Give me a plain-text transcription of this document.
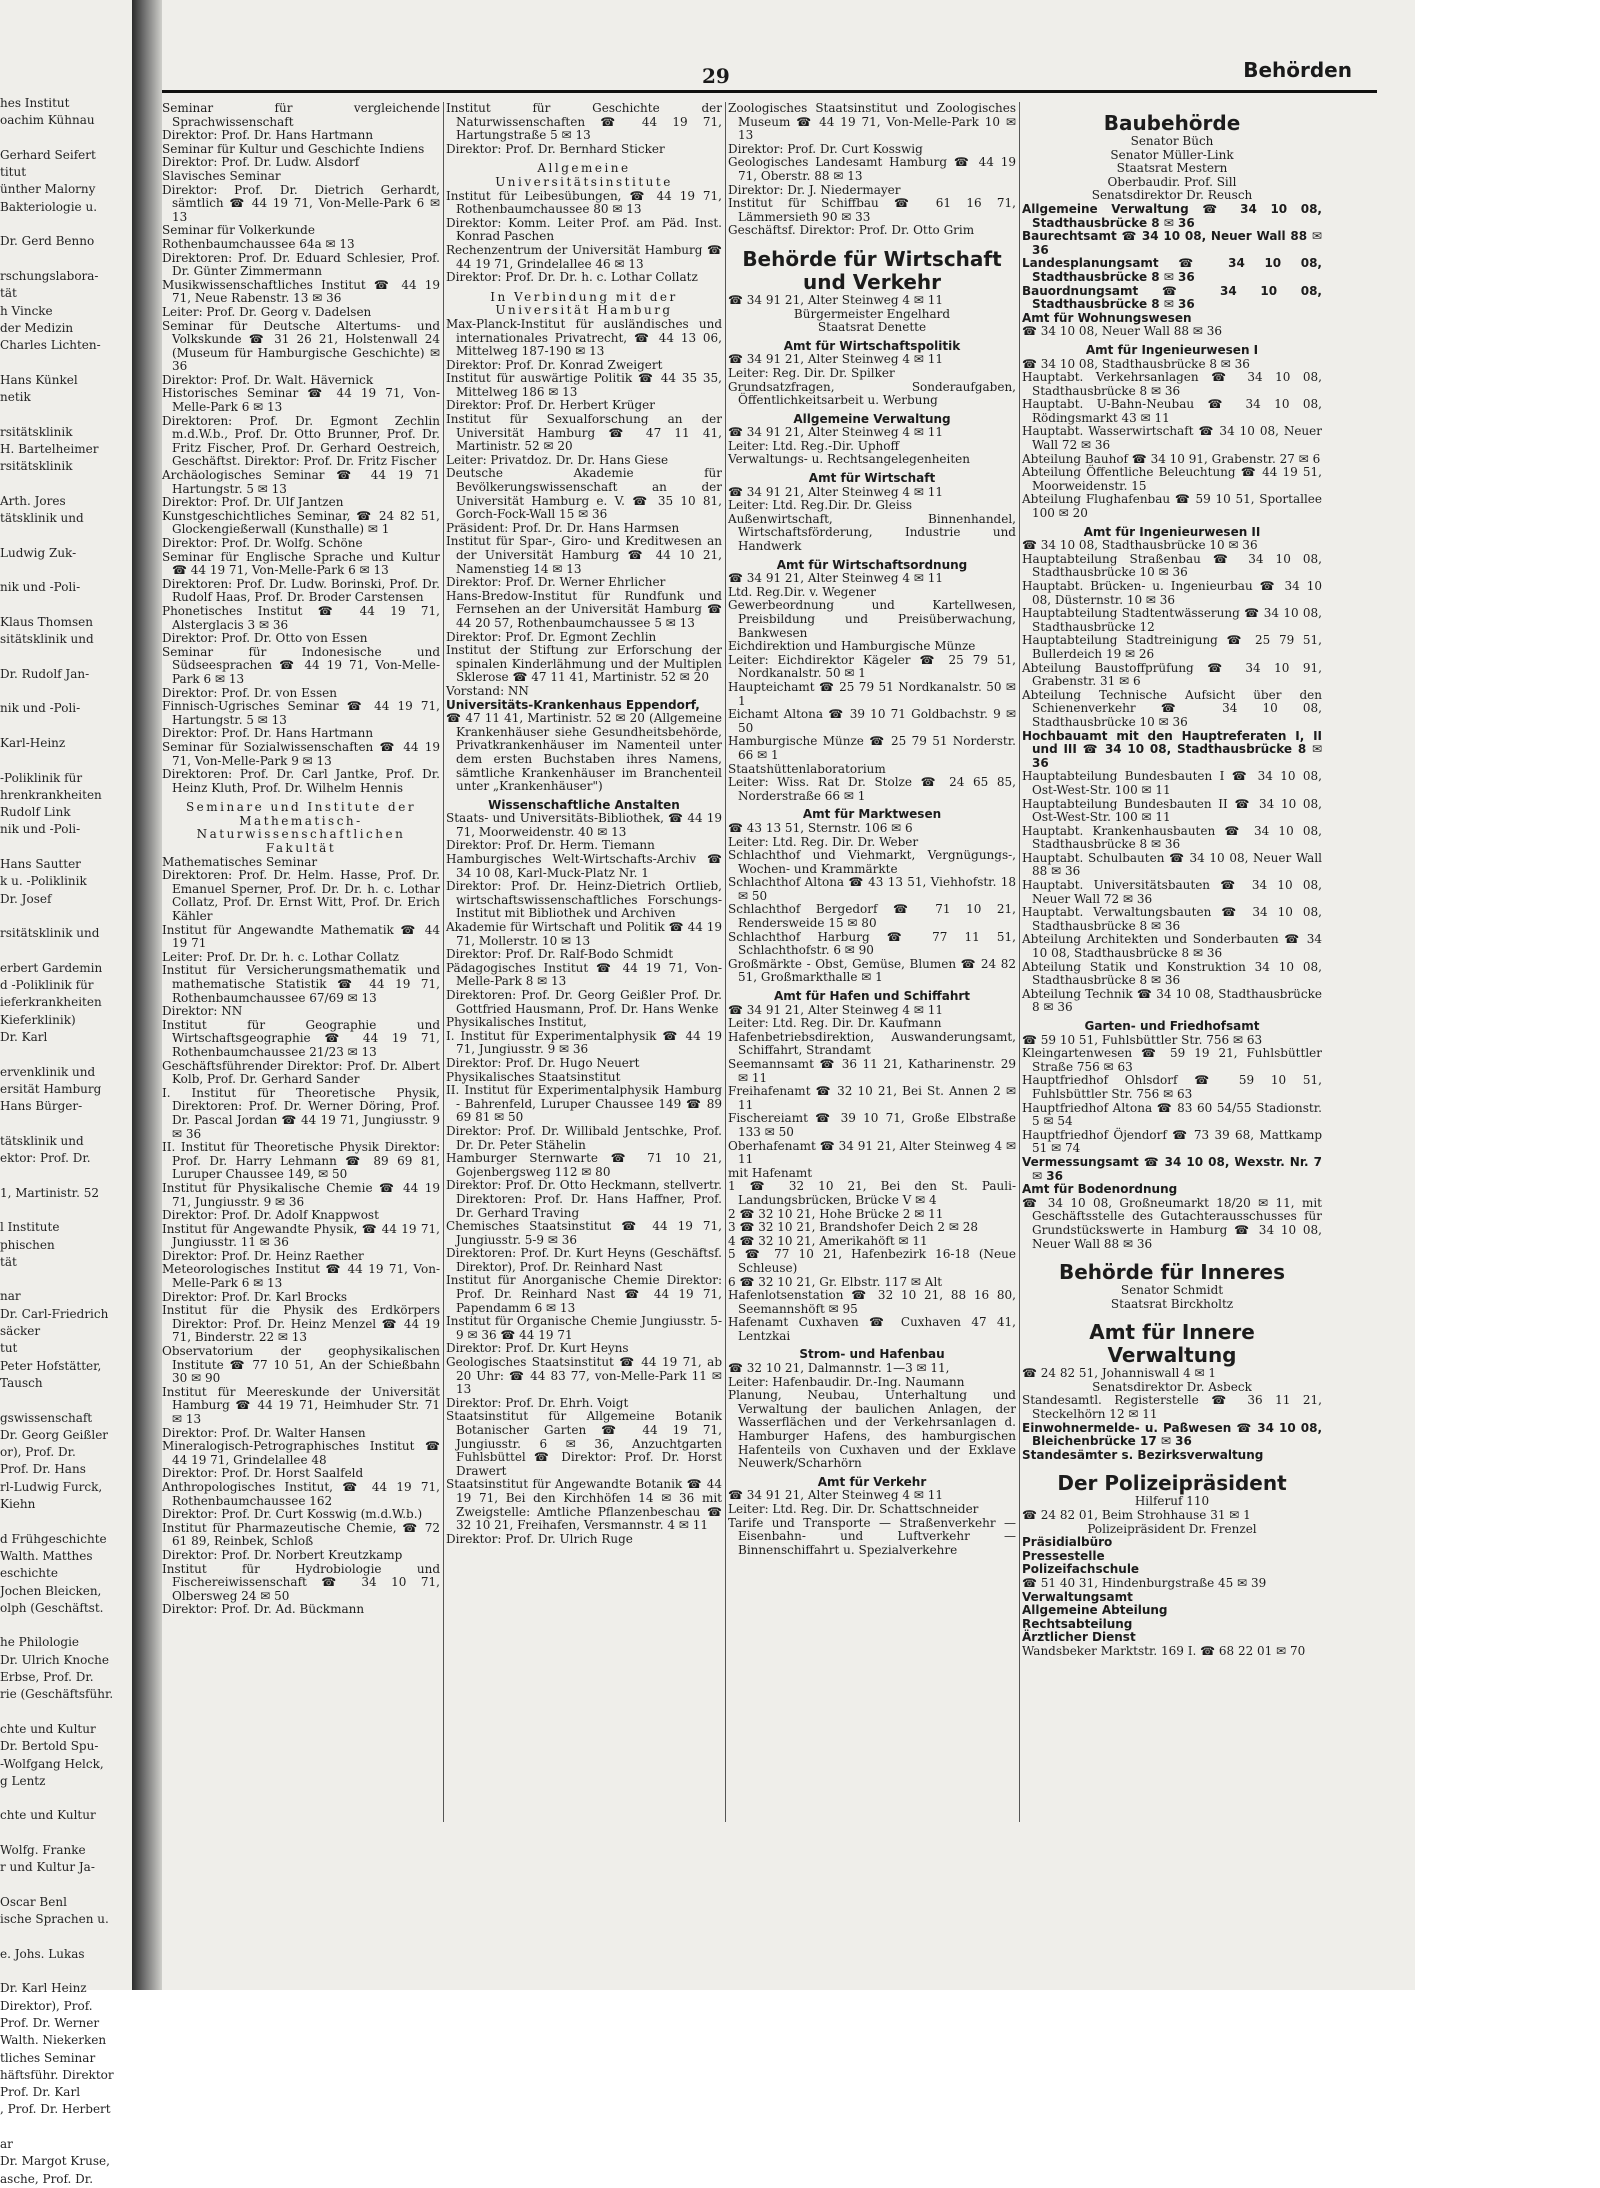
hes Institut
oachim Kühnau
Gerhard Seifert
titut
ünther Malorny
Bakteriologie u.
Dr. Gerd Benno
rschungslabora-
tät
h Vincke
der Medizin
Charles Lichten-
Hans Künkel
netik
rsitätsklinik
H. Bartelheimer
rsitätsklinik
Arth. Jores
tätsklinik und
Ludwig Zuk-
nik und -Poli-
Klaus Thomsen
sitätsklinik und
Dr. Rudolf Jan-
nik und -Poli-
Karl-Heinz
-Poliklinik für
hrenkrankheiten
Rudolf Link
nik und -Poli-
Hans Sautter
k u. -Poliklinik
Dr. Josef
rsitätsklinik und
erbert Gardemin
d -Poliklinik für
ieferkrankheiten
Kieferklinik)
Dr. Karl
ervenklinik und
ersität Hamburg
Hans Bürger-
tätsklinik und
ektor: Prof. Dr.
1, Martinistr. 52
l Institute
phischen
tät
nar
Dr. Carl-Friedrich
säcker
tut
Peter Hofstätter,
Tausch
gswissenschaft
Dr. Georg Geißler
or), Prof. Dr.
Prof. Dr. Hans
rl-Ludwig Furck,
Kiehn
d Frühgeschichte
Walth. Matthes
eschichte
Jochen Bleicken,
olph (Geschäftst.
he Philologie
Dr. Ulrich Knoche
Erbse, Prof. Dr.
rie (Geschäftsführ.
chte und Kultur
Dr. Bertold Spu-
-Wolfgang Helck,
g Lentz
chte und Kultur
Wolfg. Franke
r und Kultur Ja-
Oscar Benl
ische Sprachen u.
e. Johs. Lukas
Dr. Karl Heinz
Direktor), Prof.
Prof. Dr. Werner
Walth. Niekerken
tliches Seminar
häftsführ. Direktor
Prof. Dr. Karl
, Prof. Dr. Herbert
ar
Dr. Margot Kruse,
asche, Prof. Dr.
29	Behörden
Seminar für vergleichende Sprachwissenschaft
Direktor: Prof. Dr. Hans Hartmann
Seminar für Kultur und Geschichte Indiens
Direktor: Prof. Dr. Ludw. Alsdorf
Slavisches Seminar
Direktor: Prof. Dr. Dietrich Gerhardt, sämtlich ☎ 44 19 71, Von-Melle-Park 6 ✉ 13
Seminar für Volkerkunde
Rothenbaumchaussee 64a ✉ 13
Direktoren: Prof. Dr. Eduard Schlesier, Prof. Dr. Günter Zimmermann
Musikwissenschaftliches Institut ☎ 44 19 71, Neue Rabenstr. 13 ✉ 36
Leiter: Prof. Dr. Georg v. Dadelsen
Seminar für Deutsche Altertums- und Volkskunde ☎ 31 26 21, Holstenwall 24 (Museum für Hamburgische Geschichte) ✉ 36
Direktor: Prof. Dr. Walt. Hävernick
Historisches Seminar ☎ 44 19 71, Von-Melle-Park 6 ✉ 13
Direktoren: Prof. Dr. Egmont Zechlin m.d.W.b., Prof. Dr. Otto Brunner, Prof. Dr. Fritz Fischer, Prof. Dr. Gerhard Oestreich, Geschäftst. Direktor: Prof. Dr. Fritz Fischer
Archäologisches Seminar ☎ 44 19 71 Hartungstr. 5 ✉ 13
Direktor: Prof. Dr. Ulf Jantzen
Kunstgeschichtliches Seminar, ☎ 24 82 51, Glockengießerwall (Kunsthalle) ✉ 1
Direktor: Prof. Dr. Wolfg. Schöne
Seminar für Englische Sprache und Kultur ☎ 44 19 71, Von-Melle-Park 6 ✉ 13
Direktoren: Prof. Dr. Ludw. Borinski, Prof. Dr. Rudolf Haas, Prof. Dr. Broder Carstensen
Phonetisches Institut ☎ 44 19 71, Alsterglacis 3 ✉ 36
Direktor: Prof. Dr. Otto von Essen
Seminar für Indonesische und Südseesprachen ☎ 44 19 71, Von-Melle-Park 6 ✉ 13
Direktor: Prof. Dr. von Essen
Finnisch-Ugrisches Seminar ☎ 44 19 71, Hartungstr. 5 ✉ 13
Direktor: Prof. Dr. Hans Hartmann
Seminar für Sozialwissenschaften ☎ 44 19 71, Von-Melle-Park 9 ✉ 13
Direktoren: Prof. Dr. Carl Jantke, Prof. Dr. Heinz Kluth, Prof. Dr. Wilhelm Hennis
Seminare und Institute der Mathematisch-Naturwissenschaftlichen Fakultät
Mathematisches Seminar
Direktoren: Prof. Dr. Helm. Hasse, Prof. Dr. Emanuel Sperner, Prof. Dr. Dr. h. c. Lothar Collatz, Prof. Dr. Ernst Witt, Prof. Dr. Erich Kähler
Institut für Angewandte Mathematik ☎ 44 19 71
Leiter: Prof. Dr. Dr. h. c. Lothar Collatz
Institut für Versicherungsmathematik und mathematische Statistik ☎ 44 19 71, Rothenbaumchaussee 67/69 ✉ 13
Direktor: NN
Institut für Geographie und Wirtschaftsgeographie ☎ 44 19 71, Rothenbaumchaussee 21/23 ✉ 13
Geschäftsführender Direktor: Prof. Dr. Albert Kolb, Prof. Dr. Gerhard Sander
I. Institut für Theoretische Physik, Direktoren: Prof. Dr. Werner Döring, Prof. Dr. Pascal Jordan ☎ 44 19 71, Jungiusstr. 9 ✉ 36
II. Institut für Theoretische Physik Direktor: Prof. Dr. Harry Lehmann ☎ 89 69 81, Luruper Chaussee 149, ✉ 50
Institut für Physikalische Chemie ☎ 44 19 71, Jungiusstr. 9 ✉ 36
Direktor: Prof. Dr. Adolf Knappwost
Institut für Angewandte Physik, ☎ 44 19 71, Jungiusstr. 11 ✉ 36
Direktor: Prof. Dr. Heinz Raether
Meteorologisches Institut ☎ 44 19 71, Von-Melle-Park 6 ✉ 13
Direktor: Prof. Dr. Karl Brocks
Institut für die Physik des Erdkörpers Direktor: Prof. Dr. Heinz Menzel ☎ 44 19 71, Binderstr. 22 ✉ 13
Observatorium der geophysikalischen Institute ☎ 77 10 51, An der Schießbahn 30 ✉ 90
Institut für Meereskunde der Universität Hamburg ☎ 44 19 71, Heimhuder Str. 71 ✉ 13
Direktor: Prof. Dr. Walter Hansen
Mineralogisch-Petrographisches Institut ☎ 44 19 71, Grindelallee 48
Direktor: Prof. Dr. Horst Saalfeld
Anthropologisches Institut, ☎ 44 19 71, Rothenbaumchaussee 162
Direktor: Prof. Dr. Curt Kosswig (m.d.W.b.)
Institut für Pharmazeutische Chemie, ☎ 72 61 89, Reinbek, Schloß
Direktor: Prof. Dr. Norbert Kreutzkamp
Institut für Hydrobiologie und Fischereiwissenschaft ☎ 34 10 71, Olbersweg 24 ✉ 50
Direktor: Prof. Dr. Ad. Bückmann
Institut für Geschichte der Naturwissenschaften ☎ 44 19 71, Hartungstraße 5 ✉ 13
Direktor: Prof. Dr. Bernhard Sticker
Allgemeine Universitätsinstitute
Institut für Leibesübungen, ☎ 44 19 71, Rothenbaumchaussee 80 ✉ 13
Direktor: Komm. Leiter Prof. am Päd. Inst. Konrad Paschen
Rechenzentrum der Universität Hamburg ☎ 44 19 71, Grindelallee 46 ✉ 13
Direktor: Prof. Dr. Dr. h. c. Lothar Collatz
In Verbindung mit der Universität Hamburg
Max-Planck-Institut für ausländisches und internationales Privatrecht, ☎ 44 13 06, Mittelweg 187-190 ✉ 13
Direktor: Prof. Dr. Konrad Zweigert
Institut für auswärtige Politik ☎ 44 35 35, Mittelweg 186 ✉ 13
Direktor: Prof. Dr. Herbert Krüger
Institut für Sexualforschung an der Universität Hamburg ☎ 47 11 41, Martinistr. 52 ✉ 20
Leiter: Privatdoz. Dr. Dr. Hans Giese
Deutsche Akademie für Bevölkerungswissenschaft an der Universität Hamburg e. V. ☎ 35 10 81, Gorch-Fock-Wall 15 ✉ 36
Präsident: Prof. Dr. Dr. Hans Harmsen
Institut für Spar-, Giro- und Kreditwesen an der Universität Hamburg ☎ 44 10 21, Namenstieg 14 ✉ 13
Direktor: Prof. Dr. Werner Ehrlicher
Hans-Bredow-Institut für Rundfunk und Fernsehen an der Universität Hamburg ☎ 44 20 57, Rothenbaumchaussee 5 ✉ 13
Direktor: Prof. Dr. Egmont Zechlin
Institut der Stiftung zur Erforschung der spinalen Kinderlähmung und der Multiplen Sklerose ☎ 47 11 41, Martinistr. 52 ✉ 20
Vorstand: NN
Universitäts-Krankenhaus Eppendorf,
☎ 47 11 41, Martinistr. 52 ✉ 20 (Allgemeine Krankenhäuser siehe Gesundheitsbehörde, Privatkrankenhäuser im Namenteil unter dem ersten Buchstaben ihres Namens, sämtliche Krankenhäuser im Branchenteil unter „Krankenhäuser")
Wissenschaftliche Anstalten
Staats- und Universitäts-Bibliothek, ☎ 44 19 71, Moorweidenstr. 40 ✉ 13
Direktor: Prof. Dr. Herm. Tiemann
Hamburgisches Welt-Wirtschafts-Archiv ☎ 34 10 08, Karl-Muck-Platz Nr. 1
Direktor: Prof. Dr. Heinz-Dietrich Ortlieb, wirtschaftswissenschaftliches Forschungs-Institut mit Bibliothek und Archiven
Akademie für Wirtschaft und Politik ☎ 44 19 71, Mollerstr. 10 ✉ 13
Direktor: Prof. Dr. Ralf-Bodo Schmidt
Pädagogisches Institut ☎ 44 19 71, Von-Melle-Park 8 ✉ 13
Direktoren: Prof. Dr. Georg Geißler Prof. Dr. Gottfried Hausmann, Prof. Dr. Hans Wenke
Physikalisches Institut,
I. Institut für Experimentalphysik ☎ 44 19 71, Jungiusstr. 9 ✉ 36
Direktor: Prof. Dr. Hugo Neuert
Physikalisches Staatsinstitut
II. Institut für Experimentalphysik Hamburg - Bahrenfeld, Luruper Chaussee 149 ☎ 89 69 81 ✉ 50
Direktor: Prof. Dr. Willibald Jentschke, Prof. Dr. Dr. Peter Stähelin
Hamburger Sternwarte ☎ 71 10 21, Gojenbergsweg 112 ✉ 80
Direktor: Prof. Dr. Otto Heckmann, stellvertr. Direktoren: Prof. Dr. Hans Haffner, Prof. Dr. Gerhard Traving
Chemisches Staatsinstitut ☎ 44 19 71, Jungiusstr. 5-9 ✉ 36
Direktoren: Prof. Dr. Kurt Heyns (Geschäftsf. Direktor), Prof. Dr. Reinhard Nast
Institut für Anorganische Chemie Direktor: Prof. Dr. Reinhard Nast ☎ 44 19 71, Papendamm 6 ✉ 13
Institut für Organische Chemie Jungiusstr. 5-9 ✉ 36 ☎ 44 19 71
Direktor: Prof. Dr. Kurt Heyns
Geologisches Staatsinstitut ☎ 44 19 71, ab 20 Uhr: ☎ 44 83 77, von-Melle-Park 11 ✉ 13
Direktor: Prof. Dr. Ehrh. Voigt
Staatsinstitut für Allgemeine Botanik Botanischer Garten ☎ 44 19 71, Jungiusstr. 6 ✉ 36, Anzuchtgarten Fuhlsbüttel ☎ Direktor: Prof. Dr. Horst Drawert
Staatsinstitut für Angewandte Botanik ☎ 44 19 71, Bei den Kirchhöfen 14 ✉ 36 mit Zweigstelle: Amtliche Pflanzenbeschau ☎ 32 10 21, Freihafen, Versmannstr. 4 ✉ 11
Direktor: Prof. Dr. Ulrich Ruge
Zoologisches Staatsinstitut und Zoologisches Museum ☎ 44 19 71, Von-Melle-Park 10 ✉ 13
Direktor: Prof. Dr. Curt Kosswig
Geologisches Landesamt Hamburg ☎ 44 19 71, Oberstr. 88 ✉ 13
Direktor: Dr. J. Niedermayer
Institut für Schiffbau ☎ 61 16 71, Lämmersieth 90 ✉ 33
Geschäftsf. Direktor: Prof. Dr. Otto Grim
Behörde für Wirtschaft und Verkehr
☎ 34 91 21, Alter Steinweg 4 ✉ 11
Bürgermeister Engelhard
Staatsrat Denette
Amt für Wirtschaftspolitik
☎ 34 91 21, Alter Steinweg 4 ✉ 11
Leiter: Reg. Dir. Dr. Spilker
Grundsatzfragen, Sonderaufgaben, Öffentlichkeitsarbeit u. Werbung
Allgemeine Verwaltung
☎ 34 91 21, Alter Steinweg 4 ✉ 11
Leiter: Ltd. Reg.-Dir. Uphoff
Verwaltungs- u. Rechtsangelegenheiten
Amt für Wirtschaft
☎ 34 91 21, Alter Steinweg 4 ✉ 11
Leiter: Ltd. Reg.Dir. Dr. Gleiss
Außenwirtschaft, Binnenhandel, Wirtschaftsförderung, Industrie und Handwerk
Amt für Wirtschaftsordnung
☎ 34 91 21, Alter Steinweg 4 ✉ 11
Ltd. Reg.Dir. v. Wegener
Gewerbeordnung und Kartellwesen, Preisbildung und Preisüberwachung, Bankwesen
Eichdirektion und Hamburgische Münze
Leiter: Eichdirektor Kägeler ☎ 25 79 51, Nordkanalstr. 50 ✉ 1
Haupteichamt ☎ 25 79 51 Nordkanalstr. 50 ✉ 1
Eichamt Altona ☎ 39 10 71 Goldbachstr. 9 ✉ 50
Hamburgische Münze ☎ 25 79 51 Norderstr. 66 ✉ 1
Staatshüttenlaboratorium
Leiter: Wiss. Rat Dr. Stolze ☎ 24 65 85, Norderstraße 66 ✉ 1
Amt für Marktwesen
☎ 43 13 51, Sternstr. 106 ✉ 6
Leiter: Ltd. Reg. Dir. Dr. Weber
Schlachthof und Viehmarkt, Vergnügungs-, Wochen- und Krammärkte
Schlachthof Altona ☎ 43 13 51, Viehhofstr. 18 ✉ 50
Schlachthof Bergedorf ☎ 71 10 21, Rendersweide 15 ✉ 80
Schlachthof Harburg ☎ 77 11 51, Schlachthofstr. 6 ✉ 90
Großmärkte - Obst, Gemüse, Blumen ☎ 24 82 51, Großmarkthalle ✉ 1
Amt für Hafen und Schiffahrt
☎ 34 91 21, Alter Steinweg 4 ✉ 11
Leiter: Ltd. Reg. Dir. Dr. Kaufmann
Hafenbetriebsdirektion, Auswanderungsamt, Schiffahrt, Strandamt
Seemannsamt ☎ 36 11 21, Katharinenstr. 29 ✉ 11
Freihafenamt ☎ 32 10 21, Bei St. Annen 2 ✉ 11
Fischereiamt ☎ 39 10 71, Große Elbstraße 133 ✉ 50
Oberhafenamt ☎ 34 91 21, Alter Steinweg 4 ✉ 11
mit Hafenamt
1 ☎ 32 10 21, Bei den St. Pauli-Landungsbrücken, Brücke V ✉ 4
2 ☎ 32 10 21, Hohe Brücke 2 ✉ 11
3 ☎ 32 10 21, Brandshofer Deich 2 ✉ 28
4 ☎ 32 10 21, Amerikahöft ✉ 11
5 ☎ 77 10 21, Hafenbezirk 16-18 (Neue Schleuse)
6 ☎ 32 10 21, Gr. Elbstr. 117 ✉ Alt
Hafenlotsenstation ☎ 32 10 21, 88 16 80, Seemannshöft ✉ 95
Hafenamt Cuxhaven ☎ Cuxhaven 47 41, Lentzkai
Strom- und Hafenbau
☎ 32 10 21, Dalmannstr. 1—3 ✉ 11,
Leiter: Hafenbaudir. Dr.-Ing. Naumann
Planung, Neubau, Unterhaltung und Verwaltung der baulichen Anlagen, der Wasserflächen und der Verkehrsanlagen d. Hamburger Hafens, des hamburgischen Hafenteils von Cuxhaven und der Exklave Neuwerk/Scharhörn
Amt für Verkehr
☎ 34 91 21, Alter Steinweg 4 ✉ 11
Leiter: Ltd. Reg. Dir. Dr. Schattschneider
Tarife und Transporte — Straßenverkehr — Eisenbahn- und Luftverkehr — Binnenschiffahrt u. Spezialverkehre
Baubehörde
Senator Büch
Senator Müller-Link
Staatsrat Mestern
Oberbaudir. Prof. Sill
Senatsdirektor Dr. Reusch
Allgemeine Verwaltung ☎ 34 10 08, Stadthausbrücke 8 ✉ 36
Baurechtsamt ☎ 34 10 08, Neuer Wall 88 ✉ 36
Landesplanungsamt ☎ 34 10 08, Stadthausbrücke 8 ✉ 36
Bauordnungsamt ☎ 34 10 08, Stadthausbrücke 8 ✉ 36
Amt für Wohnungswesen
☎ 34 10 08, Neuer Wall 88 ✉ 36
Amt für Ingenieurwesen I
☎ 34 10 08, Stadthausbrücke 8 ✉ 36
Hauptabt. Verkehrsanlagen ☎ 34 10 08, Stadthausbrücke 8 ✉ 36
Hauptabt. U-Bahn-Neubau ☎ 34 10 08, Rödingsmarkt 43 ✉ 11
Hauptabt. Wasserwirtschaft ☎ 34 10 08, Neuer Wall 72 ✉ 36
Abteilung Bauhof ☎ 34 10 91, Grabenstr. 27 ✉ 6
Abteilung Öffentliche Beleuchtung ☎ 44 19 51, Moorweidenstr. 15
Abteilung Flughafenbau ☎ 59 10 51, Sportallee 100 ✉ 20
Amt für Ingenieurwesen II
☎ 34 10 08, Stadthausbrücke 10 ✉ 36
Hauptabteilung Straßenbau ☎ 34 10 08, Stadthausbrücke 10 ✉ 36
Hauptabt. Brücken- u. Ingenieurbau ☎ 34 10 08, Düsternstr. 10 ✉ 36
Hauptabteilung Stadtentwässerung ☎ 34 10 08, Stadthausbrücke 12
Hauptabteilung Stadtreinigung ☎ 25 79 51, Bullerdeich 19 ✉ 26
Abteilung Baustoffprüfung ☎ 34 10 91, Grabenstr. 31 ✉ 6
Abteilung Technische Aufsicht über den Schienenverkehr ☎ 34 10 08, Stadthausbrücke 10 ✉ 36
Hochbauamt mit den Hauptreferaten I, II und III ☎ 34 10 08, Stadthausbrücke 8 ✉ 36
Hauptabteilung Bundesbauten I ☎ 34 10 08, Ost-West-Str. 100 ✉ 11
Hauptabteilung Bundesbauten II ☎ 34 10 08, Ost-West-Str. 100 ✉ 11
Hauptabt. Krankenhausbauten ☎ 34 10 08, Stadthausbrücke 8 ✉ 36
Hauptabt. Schulbauten ☎ 34 10 08, Neuer Wall 88 ✉ 36
Hauptabt. Universitätsbauten ☎ 34 10 08, Neuer Wall 72 ✉ 36
Hauptabt. Verwaltungsbauten ☎ 34 10 08, Stadthausbrücke 8 ✉ 36
Abteilung Architekten und Sonderbauten ☎ 34 10 08, Stadthausbrücke 8 ✉ 36
Abteilung Statik und Konstruktion 34 10 08, Stadthausbrücke 8 ✉ 36
Abteilung Technik ☎ 34 10 08, Stadthausbrücke 8 ✉ 36
Garten- und Friedhofsamt
☎ 59 10 51, Fuhlsbüttler Str. 756 ✉ 63
Kleingartenwesen ☎ 59 19 21, Fuhlsbüttler Straße 756 ✉ 63
Hauptfriedhof Ohlsdorf ☎ 59 10 51, Fuhlsbüttler Str. 756 ✉ 63
Hauptfriedhof Altona ☎ 83 60 54/55 Stadionstr. 5 ✉ 54
Hauptfriedhof Öjendorf ☎ 73 39 68, Mattkamp 51 ✉ 74
Vermessungsamt ☎ 34 10 08, Wexstr. Nr. 7 ✉ 36
Amt für Bodenordnung
☎ 34 10 08, Großneumarkt 18/20 ✉ 11, mit Geschäftsstelle des Gutachterausschusses für Grundstückswerte in Hamburg ☎ 34 10 08, Neuer Wall 88 ✉ 36
Behörde für Inneres
Senator Schmidt
Staatsrat Birckholtz
Amt für Innere Verwaltung
☎ 24 82 51, Johanniswall 4 ✉ 1
Senatsdirektor Dr. Asbeck
Standesamtl. Registerstelle ☎ 36 11 21, Steckelhörn 12 ✉ 11
Einwohnermelde- u. Paßwesen ☎ 34 10 08, Bleichenbrücke 17 ✉ 36
Standesämter s. Bezirksverwaltung
Der Polizeipräsident
Hilferuf 110
☎ 24 82 01, Beim Strohhause 31 ✉ 1
Polizeipräsident Dr. Frenzel
Präsidialbüro
Pressestelle
Polizeifachschule
☎ 51 40 31, Hindenburgstraße 45 ✉ 39
Verwaltungsamt
Allgemeine Abteilung
Rechtsabteilung
Ärztlicher Dienst
Wandsbeker Marktstr. 169 I. ☎ 68 22 01 ✉ 70
